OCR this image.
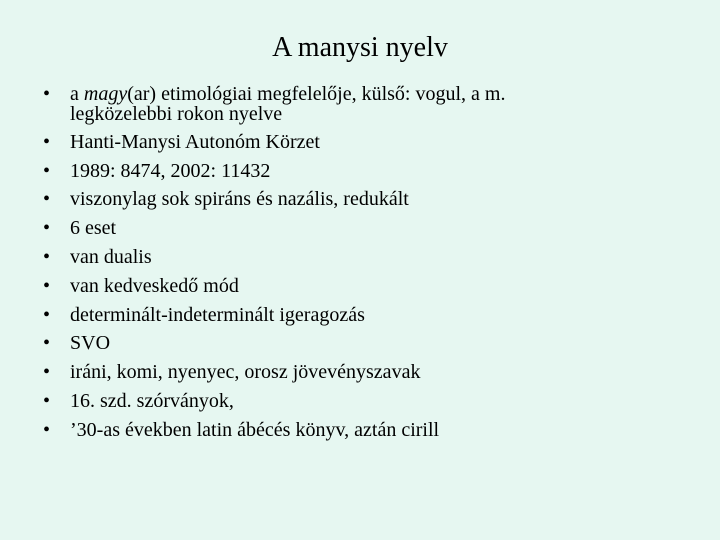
A manysi nyelv
• a magy(ar) etimológiai megfelelője, külső: vogul, a m.
legközelebbi rokon nyelve
• Hanti-Manysi Autonóm Körzet
• 1989: 8474, 2002: 11432
• viszonylag sok spiráns és nazális, redukált
• 6 eset
• van dualis
• van kedveskedő mód
• determinált-indeterminált igeragozás
• SVO
• iráni, komi, nyenyec, orosz jövevényszavak
• 16. szd. szórványok,
• ’30-as években latin ábécés könyv, aztán cirill
